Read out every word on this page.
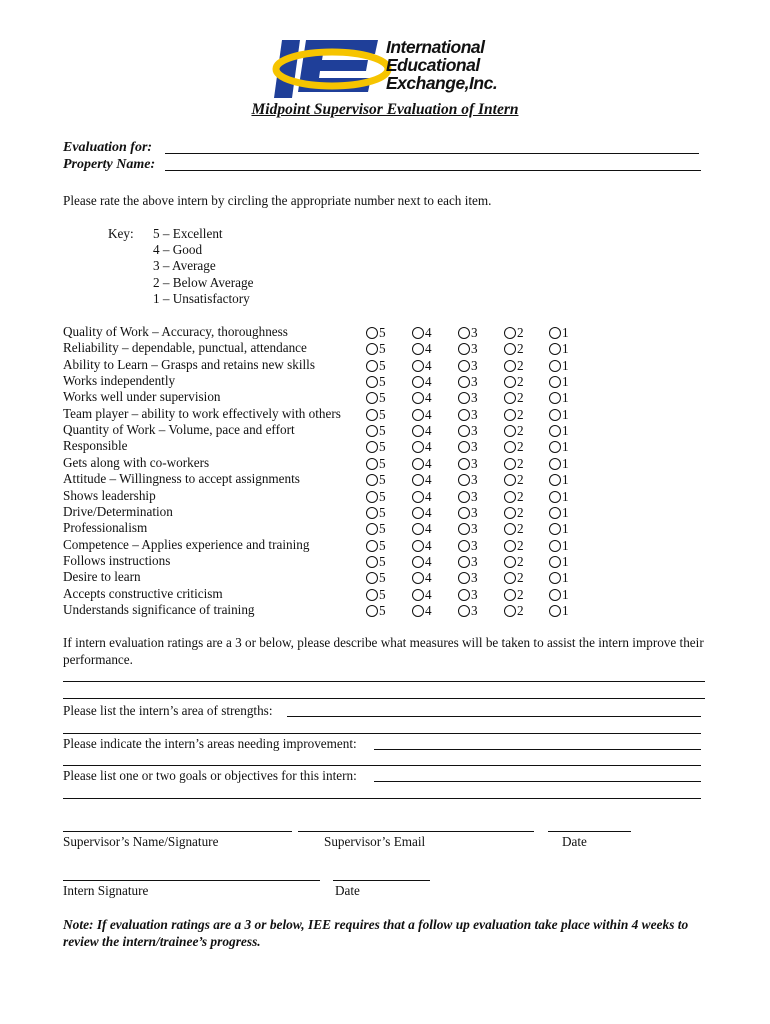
International
Educational
Exchange,Inc.
Midpoint Supervisor Evaluation of Intern
Evaluation for:
Property Name:
Please rate the above intern by circling the appropriate number next to each item.
Key: 5 – Excellent
4 – Good
3 – Average
2 – Below Average
1 – Unsatisfactory
Quality of Work – Accuracy, thoroughness	5	4	3	2	1
Reliability – dependable, punctual, attendance	5	4	3	2	1
Ability to Learn – Grasps and retains new skills	5	4	3	2	1
Works independently	5	4	3	2	1
Works well under supervision	5	4	3	2	1
Team player – ability to work effectively with others	5	4	3	2	1
Quantity of Work – Volume, pace and effort	5	4	3	2	1
Responsible	5	4	3	2	1
Gets along with co-workers	5	4	3	2	1
Attitude – Willingness to accept assignments	5	4	3	2	1
Shows leadership	5	4	3	2	1
Drive/Determination	5	4	3	2	1
Professionalism	5	4	3	2	1
Competence – Applies experience and training	5	4	3	2	1
Follows instructions	5	4	3	2	1
Desire to learn	5	4	3	2	1
Accepts constructive criticism	5	4	3	2	1
Understands significance of training	5	4	3	2	1
If intern evaluation ratings are a 3 or below, please describe what measures will be taken to assist the intern improve their performance.
Please list the intern’s area of strengths:
Please indicate the intern’s areas needing improvement:
Please list one or two goals or objectives for this intern:
Supervisor’s Name/Signature	Supervisor’s Email	Date
Intern Signature	Date
Note: If evaluation ratings are a 3 or below, IEE requires that a follow up evaluation take place within 4 weeks to review the intern/trainee’s progress.
